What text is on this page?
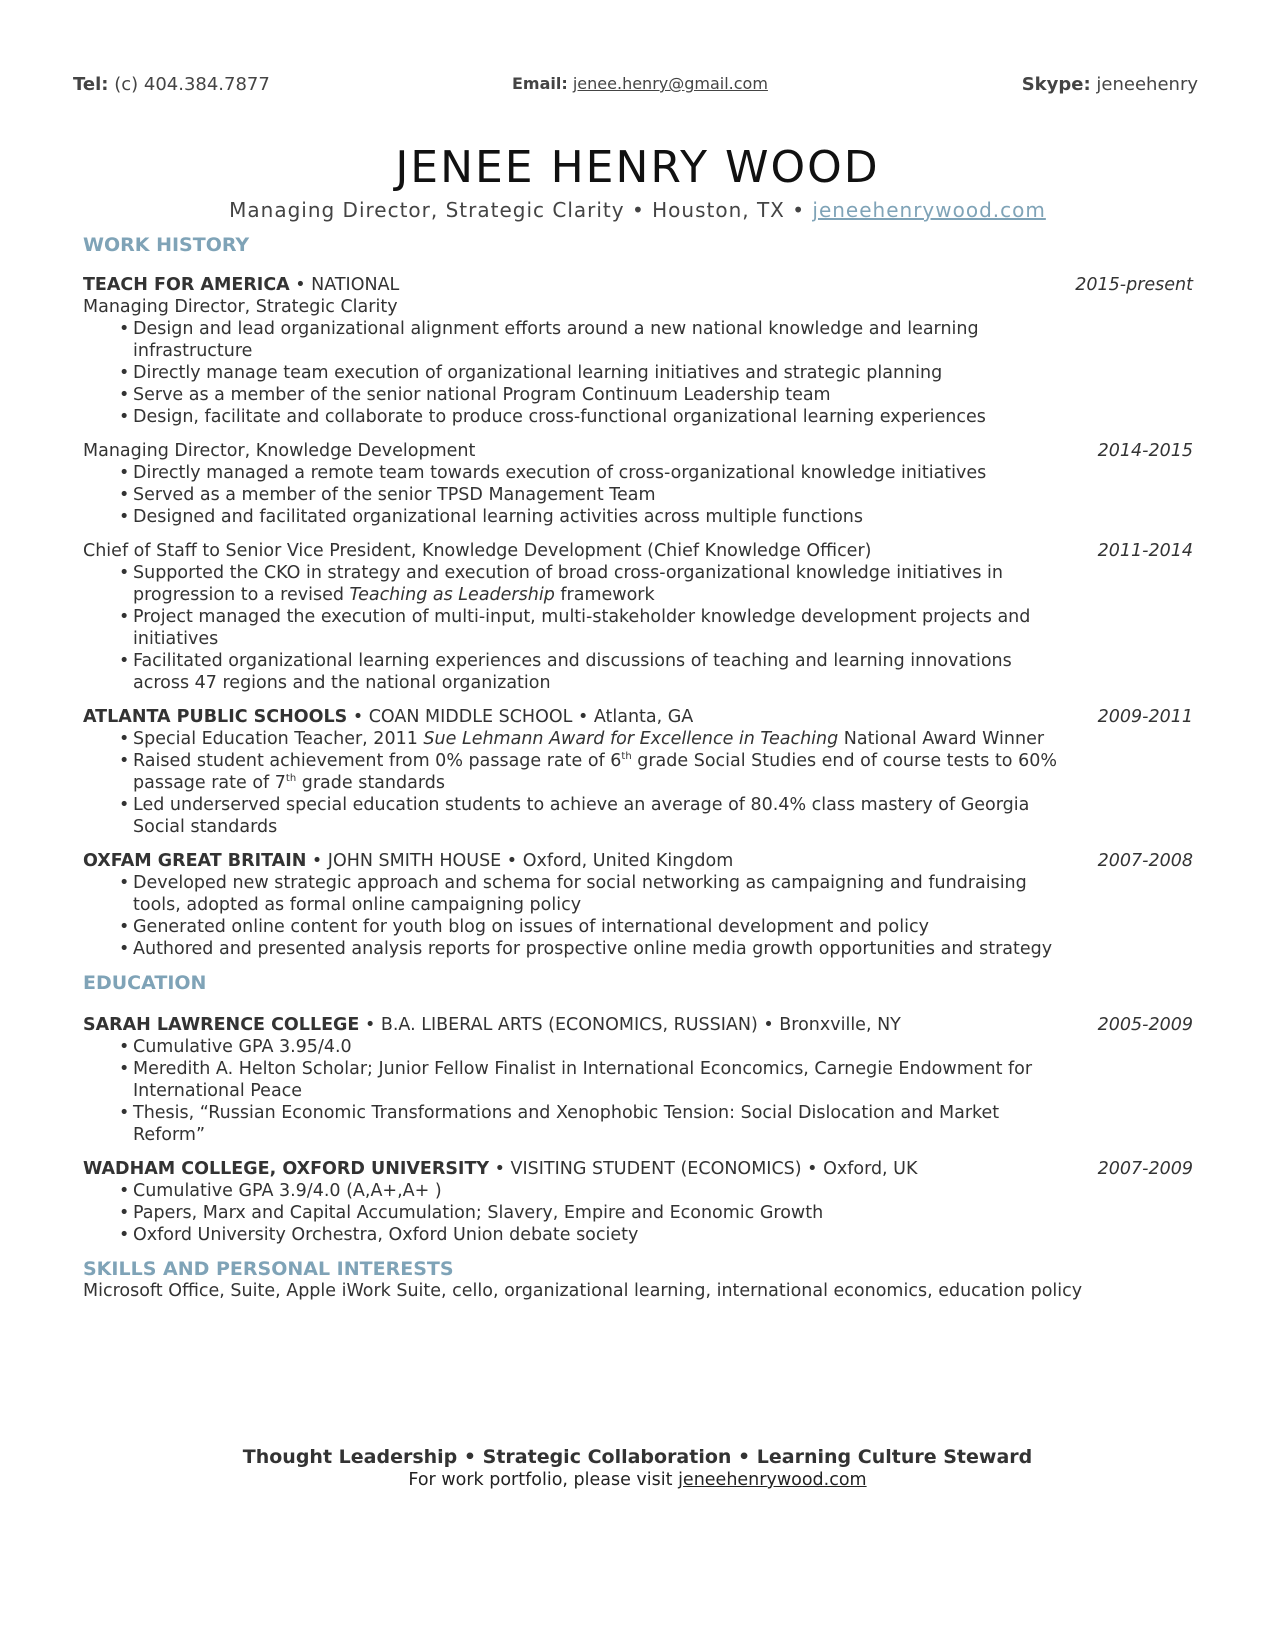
Tel: (c) 404.384.7877	Email: jenee.henry@gmail.com	Skype: jeneehenry
JENEE HENRY WOOD
Managing Director, Strategic Clarity • Houston, TX • jeneehenrywood.com
WORK HISTORY
TEACH FOR AMERICA • NATIONAL	2015-present
Managing Director, Strategic Clarity
• Design and lead organizational alignment efforts around a new national knowledge and learning infrastructure
• Directly manage team execution of organizational learning initiatives and strategic planning
• Serve as a member of the senior national Program Continuum Leadership team
• Design, facilitate and collaborate to produce cross-functional organizational learning experiences
Managing Director, Knowledge Development	2014-2015
• Directly managed a remote team towards execution of cross-organizational knowledge initiatives
• Served as a member of the senior TPSD Management Team
• Designed and facilitated organizational learning activities across multiple functions
Chief of Staff to Senior Vice President, Knowledge Development (Chief Knowledge Officer)	2011-2014
• Supported the CKO in strategy and execution of broad cross-organizational knowledge initiatives in progression to a revised Teaching as Leadership framework
• Project managed the execution of multi-input, multi-stakeholder knowledge development projects and initiatives
• Facilitated organizational learning experiences and discussions of teaching and learning innovations across 47 regions and the national organization
ATLANTA PUBLIC SCHOOLS • COAN MIDDLE SCHOOL • Atlanta, GA	2009-2011
• Special Education Teacher, 2011 Sue Lehmann Award for Excellence in Teaching National Award Winner
• Raised student achievement from 0% passage rate of 6th grade Social Studies end of course tests to 60% passage rate of 7th grade standards
• Led underserved special education students to achieve an average of 80.4% class mastery of Georgia Social standards
OXFAM GREAT BRITAIN • JOHN SMITH HOUSE • Oxford, United Kingdom	2007-2008
• Developed new strategic approach and schema for social networking as campaigning and fundraising tools, adopted as formal online campaigning policy
• Generated online content for youth blog on issues of international development and policy
• Authored and presented analysis reports for prospective online media growth opportunities and strategy
EDUCATION
SARAH LAWRENCE COLLEGE • B.A. LIBERAL ARTS (ECONOMICS, RUSSIAN) • Bronxville, NY	2005-2009
• Cumulative GPA 3.95/4.0
• Meredith A. Helton Scholar; Junior Fellow Finalist in International Econcomics, Carnegie Endowment for International Peace
• Thesis, “Russian Economic Transformations and Xenophobic Tension: Social Dislocation and Market Reform”
WADHAM COLLEGE, OXFORD UNIVERSITY • VISITING STUDENT (ECONOMICS) • Oxford, UK	2007-2009
• Cumulative GPA 3.9/4.0 (A,A+,A+ )
• Papers, Marx and Capital Accumulation; Slavery, Empire and Economic Growth
• Oxford University Orchestra, Oxford Union debate society
SKILLS AND PERSONAL INTERESTS
Microsoft Office, Suite, Apple iWork Suite, cello, organizational learning, international economics, education policy
Thought Leadership • Strategic Collaboration • Learning Culture Steward
For work portfolio, please visit jeneehenrywood.com
